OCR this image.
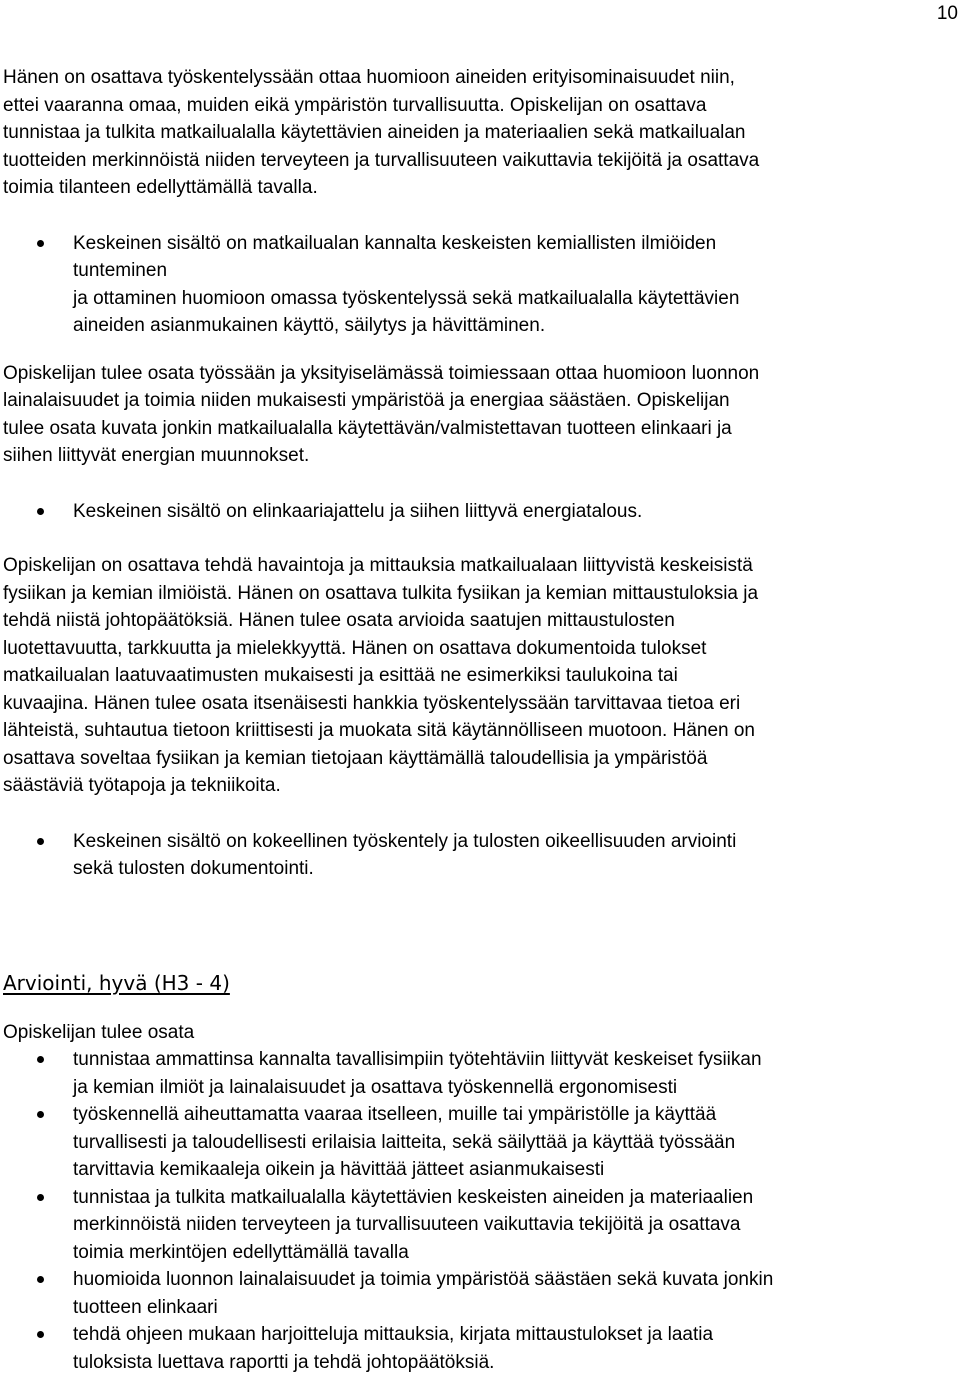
10

Hänen on osattava työskentelyssään ottaa huomioon aineiden erityisominaisuudet niin,
ettei vaaranna omaa, muiden eikä ympäristön turvallisuutta. Opiskelijan on osattava
tunnistaa ja tulkita matkailualalla käytettävien aineiden ja materiaalien sekä matkailualan
tuotteiden merkinnöistä niiden terveyteen ja turvallisuuteen vaikuttavia tekijöitä ja osattava
toimia tilanteen edellyttämällä tavalla.

Keskeinen sisältö on matkailualan kannalta keskeisten kemiallisten ilmiöiden
tunteminen
ja ottaminen huomioon omassa työskentelyssä sekä matkailualalla käytettävien
aineiden asianmukainen käyttö, säilytys ja hävittäminen.

Opiskelijan tulee osata työssään ja yksityiselämässä toimiessaan ottaa huomioon luonnon
lainalaisuudet ja toimia niiden mukaisesti ympäristöä ja energiaa säästäen. Opiskelijan
tulee osata kuvata jonkin matkailualalla käytettävän/valmistettavan tuotteen elinkaari ja
siihen liittyvät energian muunnokset.

Keskeinen sisältö on elinkaariajattelu ja siihen liittyvä energiatalous.

Opiskelijan on osattava tehdä havaintoja ja mittauksia matkailualaan liittyvistä keskeisistä
fysiikan ja kemian ilmiöistä. Hänen on osattava tulkita fysiikan ja kemian mittaustuloksia ja
tehdä niistä johtopäätöksiä. Hänen tulee osata arvioida saatujen mittaustulosten
luotettavuutta, tarkkuutta ja mielekkyyttä. Hänen on osattava dokumentoida tulokset
matkailualan laatuvaatimusten mukaisesti ja esittää ne esimerkiksi taulukoina tai
kuvaajina. Hänen tulee osata itsenäisesti hankkia työskentelyssään tarvittavaa tietoa eri
lähteistä, suhtautua tietoon kriittisesti ja muokata sitä käytännölliseen muotoon. Hänen on
osattava soveltaa fysiikan ja kemian tietojaan käyttämällä taloudellisia ja ympäristöä
säästäviä työtapoja ja tekniikoita.

Keskeinen sisältö on kokeellinen työskentely ja tulosten oikeellisuuden arviointi
sekä tulosten dokumentointi.
Arviointi, hyvä (H3 - 4)

Opiskelijan tulee osata

tunnistaa ammattinsa kannalta tavallisimpiin työtehtäviin liittyvät keskeiset fysiikan
ja kemian ilmiöt ja lainalaisuudet ja osattava työskennellä ergonomisesti
työskennellä aiheuttamatta vaaraa itselleen, muille tai ympäristölle ja käyttää
turvallisesti ja taloudellisesti erilaisia laitteita, sekä säilyttää ja käyttää työssään
tarvittavia kemikaaleja oikein ja hävittää jätteet asianmukaisesti
tunnistaa ja tulkita matkailualalla käytettävien keskeisten aineiden ja materiaalien
merkinnöistä niiden terveyteen ja turvallisuuteen vaikuttavia tekijöitä ja osattava
toimia merkintöjen edellyttämällä tavalla
huomioida luonnon lainalaisuudet ja toimia ympäristöä säästäen sekä kuvata jonkin
tuotteen elinkaari
tehdä ohjeen mukaan harjoitteluja mittauksia, kirjata mittaustulokset ja laatia
tuloksista luettava raportti ja tehdä johtopäätöksiä.
